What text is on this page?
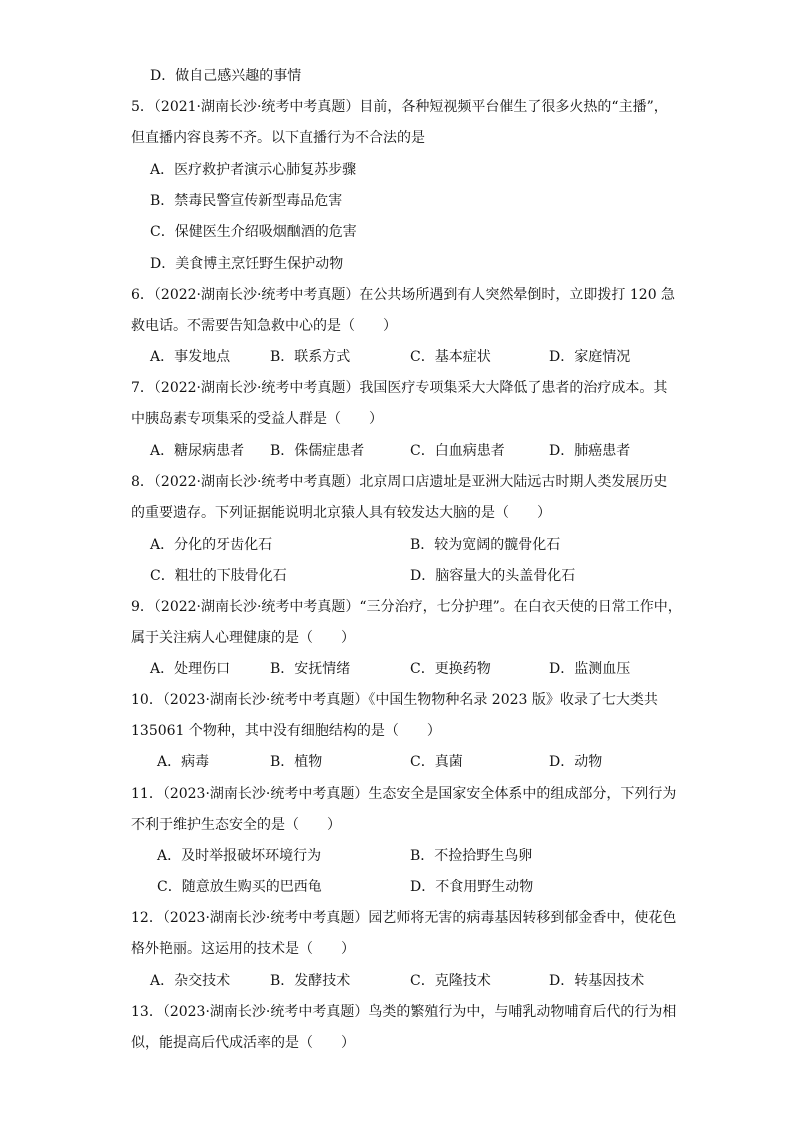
D．做自己感兴趣的事情
5．（2021·湖南长沙·统考中考真题）目前，各种短视频平台催生了很多火热的“主播”，
但直播内容良莠不齐。以下直播行为不合法的是
A．医疗救护者演示心肺复苏步骤
B．禁毒民警宣传新型毒品危害
C．保健医生介绍吸烟酗酒的危害
D．美食博主烹饪野生保护动物
6．（2022·湖南长沙·统考中考真题）在公共场所遇到有人突然晕倒时，立即拨打 120 急
救电话。不需要告知急救中心的是（　　）
A．事发地点	B．联系方式	C．基本症状	D．家庭情况
7．（2022·湖南长沙·统考中考真题）我国医疗专项集采大大降低了患者的治疗成本。其
中胰岛素专项集采的受益人群是（　　）
A．糖尿病患者 B．侏儒症患者	C．白血病患者	D．肺癌患者
8．（2022·湖南长沙·统考中考真题）北京周口店遗址是亚洲大陆远古时期人类发展历史
的重要遗存。下列证据能说明北京猿人具有较发达大脑的是（　　）
A．分化的牙齿化石	B．较为宽阔的髋骨化石
C．粗壮的下肢骨化石	D．脑容量大的头盖骨化石
9．（2022·湖南长沙·统考中考真题）“三分治疗，七分护理”。在白衣天使的日常工作中，
属于关注病人心理健康的是（　　）
A．处理伤口	B．安抚情绪	C．更换药物	D．监测血压
10．（2023·湖南长沙·统考中考真题）《中国生物物种名录 2023 版》收录了七大类共
135061 个物种，其中没有细胞结构的是（　　）
A．病毒	B．植物	C．真菌	D．动物
11．（2023·湖南长沙·统考中考真题）生态安全是国家安全体系中的组成部分，下列行为
不利于维护生态安全的是（　　）
A．及时举报破坏环境行为	B．不捡拾野生鸟卵
C．随意放生购买的巴西龟	D．不食用野生动物
12．（2023·湖南长沙·统考中考真题）园艺师将无害的病毒基因转移到郁金香中，使花色
格外艳丽。这运用的技术是（　　）
A．杂交技术	B．发酵技术	C．克隆技术	D．转基因技术
13．（2023·湖南长沙·统考中考真题）鸟类的繁殖行为中，与哺乳动物哺育后代的行为相
似，能提高后代成活率的是（　　）
